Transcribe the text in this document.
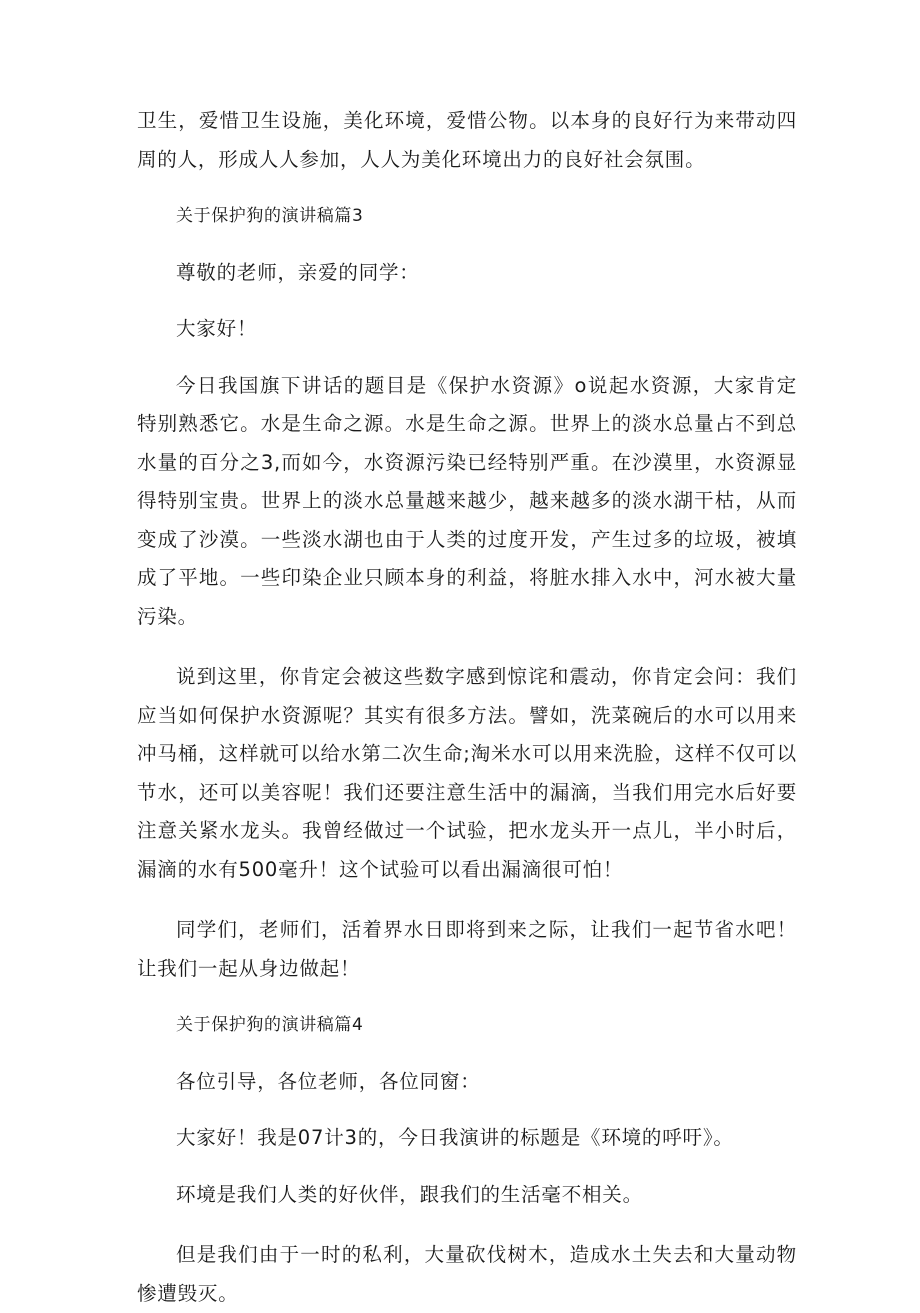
卫生，爱惜卫生设施，美化环境，爱惜公物。以本身的良好行为来带动四周的人，形成人人参加，人人为美化环境出力的良好社会氛围。

关于保护狗的演讲稿篇3

尊敬的老师，亲爱的同学：

大家好！

今日我国旗下讲话的题目是《保护水资源》o说起水资源，大家肯定特别熟悉它。水是生命之源。水是生命之源。世界上的淡水总量占不到总水量的百分之3,而如今，水资源污染已经特别严重。在沙漠里，水资源显得特别宝贵。世界上的淡水总量越来越少，越来越多的淡水湖干枯，从而变成了沙漠。一些淡水湖也由于人类的过度开发，产生过多的垃圾，被填成了平地。一些印染企业只顾本身的利益，将脏水排入水中，河水被大量污染。

说到这里，你肯定会被这些数字感到惊诧和震动，你肯定会问：我们应当如何保护水资源呢？其实有很多方法。譬如，洗菜碗后的水可以用来冲马桶，这样就可以给水第二次生命;淘米水可以用来洗脸，这样不仅可以节水，还可以美容呢！我们还要注意生活中的漏滴，当我们用完水后好要注意关紧水龙头。我曾经做过一个试验，把水龙头开一点儿，半小时后，漏滴的水有500毫升！这个试验可以看出漏滴很可怕！

同学们，老师们，活着界水日即将到来之际，让我们一起节省水吧！让我们一起从身边做起！

关于保护狗的演讲稿篇4

各位引导，各位老师，各位同窗：

大家好！我是07计3的，今日我演讲的标题是《环境的呼吁》。

环境是我们人类的好伙伴，跟我们的生活毫不相关。

但是我们由于一时的私利，大量砍伐树木，造成水土失去和大量动物惨遭毁灭。
